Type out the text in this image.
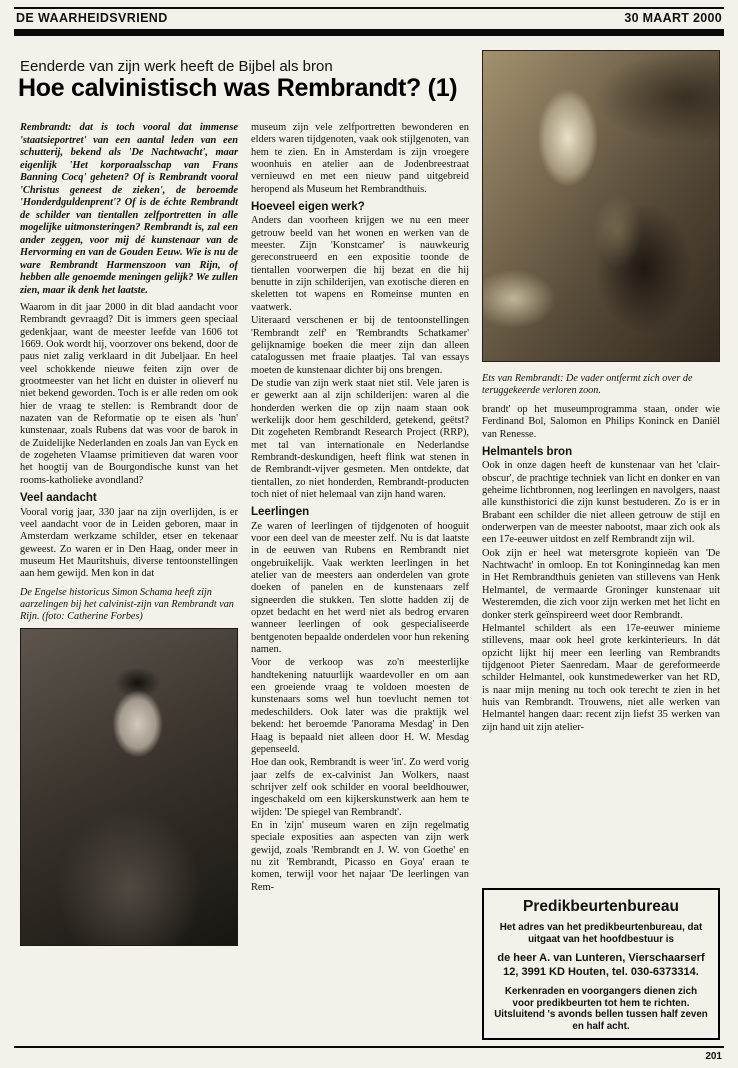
DE WAARHEIDSVRIEND	30 MAART 2000
Eenderde van zijn werk heeft de Bijbel als bron
Hoe calvinistisch was Rembrandt? (1)

Rembrandt: dat is toch vooral dat immense 'staatsieportret' van een aantal leden van een schutterij, bekend als 'De Nachtwacht', maar eigenlijk 'Het korporaalsschap van Frans Banning Cocq' geheten? Of is Rembrandt vooral 'Christus geneest de zieken', de beroemde 'Honderdguldenprent'? Of is de échte Rembrandt de schilder van tientallen zelfportretten in alle mogelijke uitmonsteringen? Rembrandt is, zal een ander zeggen, voor mij dé kunstenaar van de Hervorming en van de Gouden Eeuw. Wie is nu de ware Rembrandt Harmenszoon van Rijn, of hebben alle genoemde meningen gelijk? We zullen zien, maar ik denk het laatste.

Waarom in dit jaar 2000 in dit blad aandacht voor Rembrandt gevraagd? Dit is immers geen speciaal gedenkjaar, want de meester leefde van 1606 tot 1669. Ook wordt hij, voorzover ons bekend, door de paus niet zalig verklaard in dit Jubeljaar. En heel veel schokkende nieuwe feiten zijn over de grootmeester van het licht en duister in olieverf nu niet bekend geworden. Toch is er alle reden om ook hier de vraag te stellen: is Rembrandt door de nazaten van de Reformatie op te eisen als 'hun' kunstenaar, zoals Rubens dat was voor de barok in de Zuidelijke Nederlanden en zoals Jan van Eyck en de zogeheten Vlaamse primitieven dat waren voor het hoogtij van de Bourgondische kunst van het rooms-katholieke avondland?

Veel aandacht

Vooral vorig jaar, 330 jaar na zijn overlijden, is er veel aandacht voor de in Leiden geboren, maar in Amsterdam werkzame schilder, etser en tekenaar geweest. Zo waren er in Den Haag, onder meer in museum Het Mauritshuis, diverse tentoonstellingen aan hem gewijd. Men kon in dat

De Engelse historicus Simon Schama heeft zijn aarzelingen bij het calvinist-zijn van Rembrandt van Rijn. (foto: Catherine Forbes)

museum zijn vele zelfportretten bewonderen en elders waren tijdgenoten, vaak ook stijlgenoten, van hem te zien. En in Amsterdam is zijn vroegere woonhuis en atelier aan de Jodenbreestraat vernieuwd en met een nieuw pand uitgebreid heropend als Museum het Rembrandthuis.

Hoeveel eigen werk?

Anders dan voorheen krijgen we nu een meer getrouw beeld van het wonen en werken van de meester. Zijn 'Konstcamer' is nauwkeurig gereconstrueerd en een expositie toonde de tientallen voorwerpen die hij bezat en die hij benutte in zijn schilderijen, van exotische dieren en skeletten tot wapens en Romeinse munten en vaatwerk.

Uiteraard verschenen er bij de tentoonstellingen 'Rembrandt zelf' en 'Rembrandts Schatkamer' gelijknamige boeken die meer zijn dan alleen catalogussen met fraaie plaatjes. Tal van essays moeten de kunstenaar dichter bij ons brengen.

De studie van zijn werk staat niet stil. Vele jaren is er gewerkt aan al zijn schilderijen: waren al die honderden werken die op zijn naam staan ook werkelijk door hem geschilderd, getekend, geëtst? Dit zogeheten Rembrandt Research Project (RRP), met tal van internationale en Nederlandse Rembrandt-deskundigen, heeft flink wat stenen in de Rembrandt-vijver gesmeten. Men ontdekte, dat tientallen, zo niet honderden, Rembrandt-producten toch niet of niet helemaal van zijn hand waren.

Leerlingen

Ze waren of leerlingen of tijdgenoten of hooguit voor een deel van de meester zelf. Nu is dat laatste in de eeuwen van Rubens en Rembrandt niet ongebruikelijk. Vaak werkten leerlingen in het atelier van de meesters aan onderdelen van grote doeken of panelen en de kunstenaars zelf signeerden die stukken. Ten slotte hadden zij de opzet bedacht en het werd niet als bedrog ervaren wanneer leerlingen of ook gespecialiseerde bentgenoten bepaalde onderdelen voor hun rekening namen.

Voor de verkoop was zo'n meesterlijke handtekening natuurlijk waardevoller en om aan een groeiende vraag te voldoen moesten de kunstenaars soms wel hun toevlucht nemen tot medeschilders. Ook later was die praktijk wel bekend: het beroemde 'Panorama Mesdag' in Den Haag is bepaald niet alleen door H. W. Mesdag gepenseeld.

Hoe dan ook, Rembrandt is weer 'in'. Zo werd vorig jaar zelfs de ex-calvinist Jan Wolkers, naast schrijver zelf ook schilder en vooral beeldhouwer, ingeschakeld om een kijkerskunstwerk aan hem te wijden: 'De spiegel van Rembrandt'.

En in 'zijn' museum waren en zijn regelmatig speciale exposities aan aspecten van zijn werk gewijd, zoals 'Rembrandt en J. W. von Goethe' en nu zit 'Rembrandt, Picasso en Goya' eraan te komen, terwijl voor het najaar 'De leerlingen van Rem-

Ets van Rembrandt: De vader ontfermt zich over de teruggekeerde verloren zoon.

brandt' op het museumprogramma staan, onder wie Ferdinand Bol, Salomon en Philips Koninck en Daniël van Renesse.

Helmantels bron

Ook in onze dagen heeft de kunstenaar van het 'clair-obscur', de prachtige techniek van licht en donker en van geheime lichtbronnen, nog leerlingen en navolgers, naast alle kunsthistorici die zijn kunst bestuderen. Zo is er in Brabant een schilder die niet alleen getrouw de stijl en onderwerpen van de meester nabootst, maar zich ook als een 17e-eeuwer uitdost en zelf Rembrandt zijn wil.

Ook zijn er heel wat metersgrote kopieën van 'De Nachtwacht' in omloop. En tot Koninginnedag kan men in Het Rembrandthuis genieten van stillevens van Henk Helmantel, de vermaarde Groninger kunstenaar uit Westeremden, die zich voor zijn werken met het licht en donker sterk geïnspireerd weet door Rembrandt.

Helmantel schildert als een 17e-eeuwer minieme stillevens, maar ook heel grote kerkinterieurs. In dát opzicht lijkt hij meer een leerling van Rembrandts tijdgenoot Pieter Saenredam. Maar de gereformeerde schilder Helmantel, ook kunstmedewerker van het RD, is naar mijn mening nu toch ook terecht te zien in het huis van Rembrandt. Trouwens, niet alle werken van Helmantel hangen daar: recent zijn liefst 35 werken van zijn hand uit zijn atelier-

Predikbeurtenbureau
Het adres van het predikbeurtenbureau, dat uitgaat van het hoofdbestuur is
de heer A. van Lunteren, Vierschaarserf 12, 3991 KD Houten, tel. 030-6373314.
Kerkenraden en voorgangers dienen zich voor predikbeurten tot hem te richten. Uitsluitend 's avonds bellen tussen half zeven en half acht.
201
